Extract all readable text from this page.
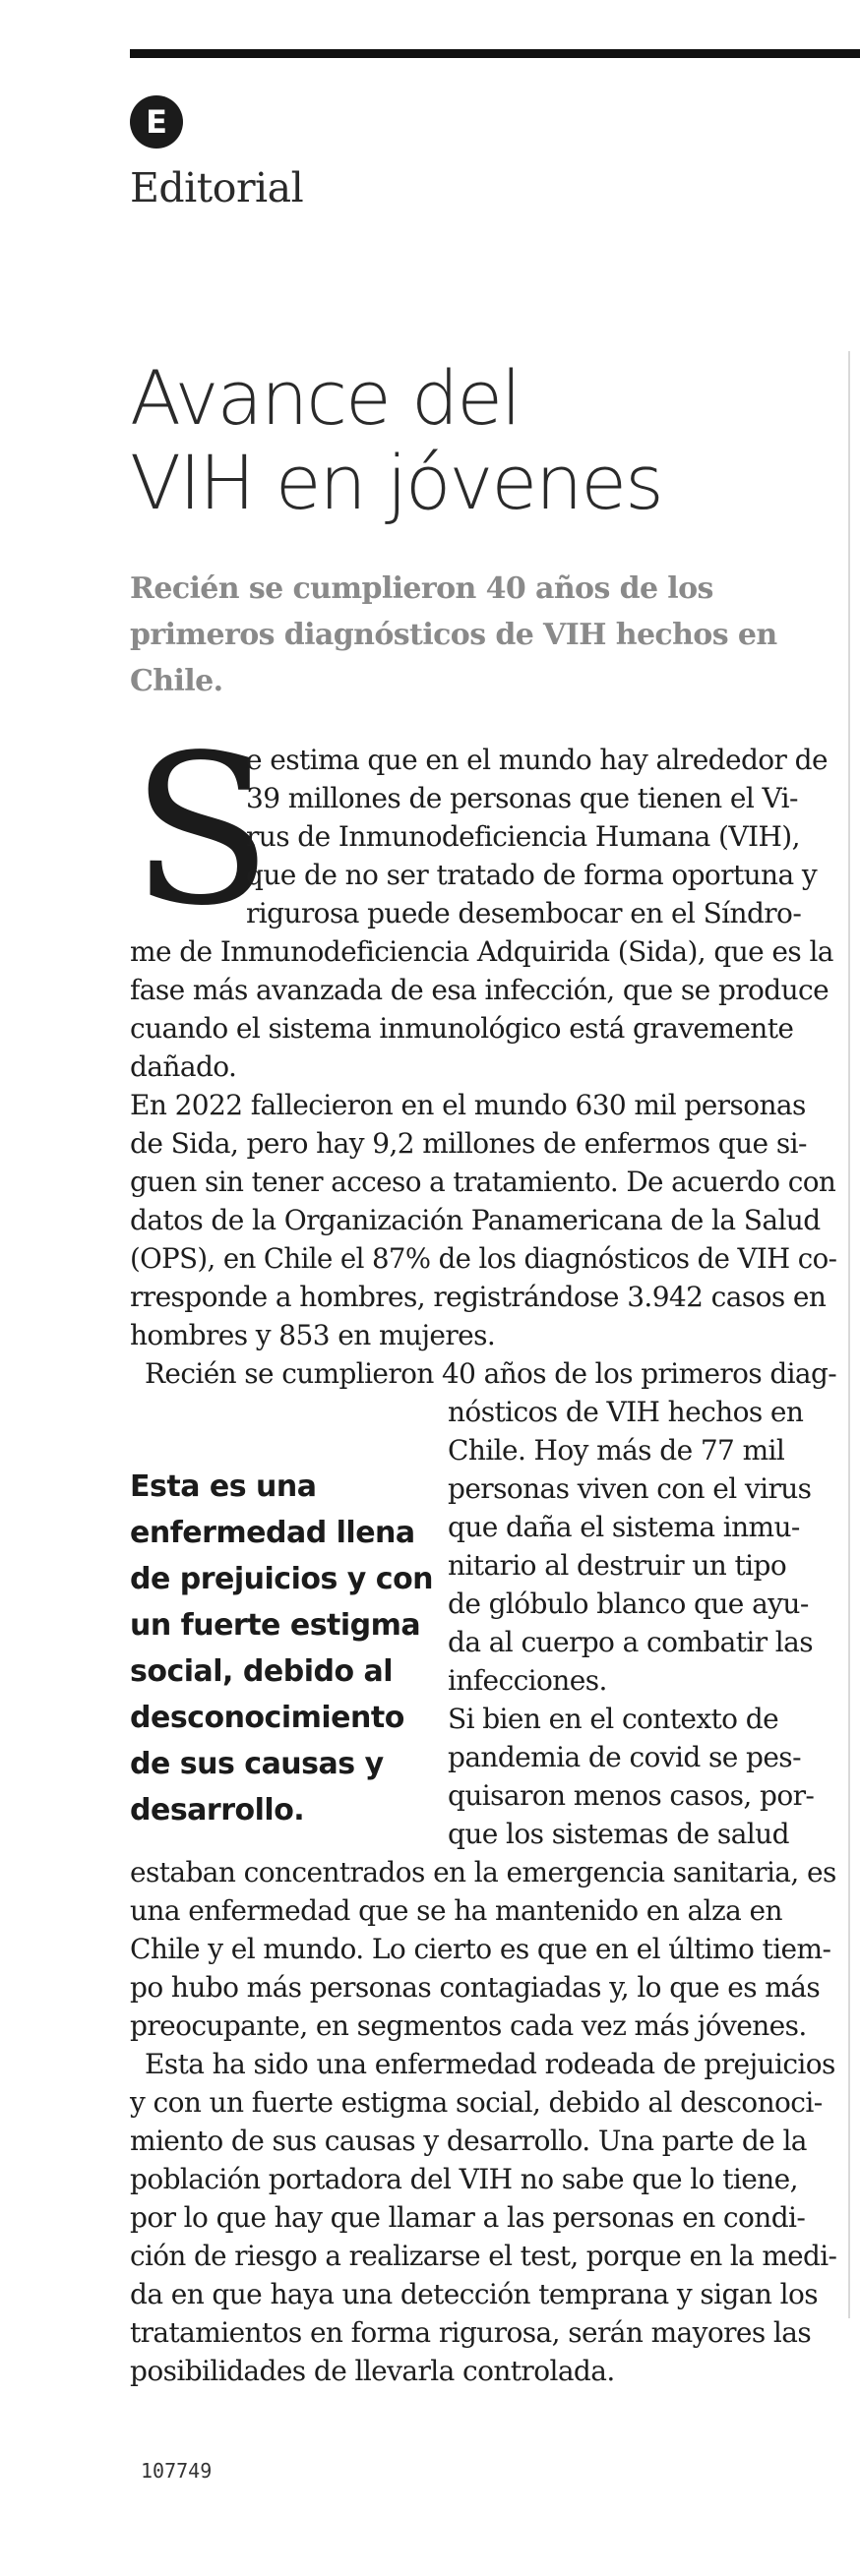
E
Editorial
Avance del
VIH en jóvenes
Recién se cumplieron 40 años de los
primeros diagnósticos de VIH hechos en
Chile.
S
e estima que en el mundo hay alrededor de
39 millones de personas que tienen el Vi-
rus de Inmunodeficiencia Humana (VIH),
que de no ser tratado de forma oportuna y
rigurosa puede desembocar en el Síndro-
me de Inmunodeficiencia Adquirida (Sida), que es la
fase más avanzada de esa infección, que se produce
cuando el sistema inmunológico está gravemente
dañado.
En 2022 fallecieron en el mundo 630 mil personas
de Sida, pero hay 9,2 millones de enfermos que si-
guen sin tener acceso a tratamiento. De acuerdo con
datos de la Organización Panamericana de la Salud
(OPS), en Chile el 87% de los diagnósticos de VIH co-
rresponde a hombres, registrándose 3.942 casos en
hombres y 853 en mujeres.
Recién se cumplieron 40 años de los primeros diag-
nósticos de VIH hechos en
Chile. Hoy más de 77 mil
personas viven con el virus
que daña el sistema inmu-
nitario al destruir un tipo
de glóbulo blanco que ayu-
da al cuerpo a combatir las
infecciones.
Si bien en el contexto de
pandemia de covid se pes-
quisaron menos casos, por-
que los sistemas de salud
estaban concentrados en la emergencia sanitaria, es
una enfermedad que se ha mantenido en alza en
Chile y el mundo. Lo cierto es que en el último tiem-
po hubo más personas contagiadas y, lo que es más
preocupante, en segmentos cada vez más jóvenes.
Esta ha sido una enfermedad rodeada de prejuicios
y con un fuerte estigma social, debido al desconoci-
miento de sus causas y desarrollo. Una parte de la
población portadora del VIH no sabe que lo tiene,
por lo que hay que llamar a las personas en condi-
ción de riesgo a realizarse el test, porque en la medi-
da en que haya una detección temprana y sigan los
tratamientos en forma rigurosa, serán mayores las
posibilidades de llevarla controlada.
Esta es una
enfermedad llena
de prejuicios y con
un fuerte estigma
social, debido al
desconocimiento
de sus causas y
desarrollo.
107749
